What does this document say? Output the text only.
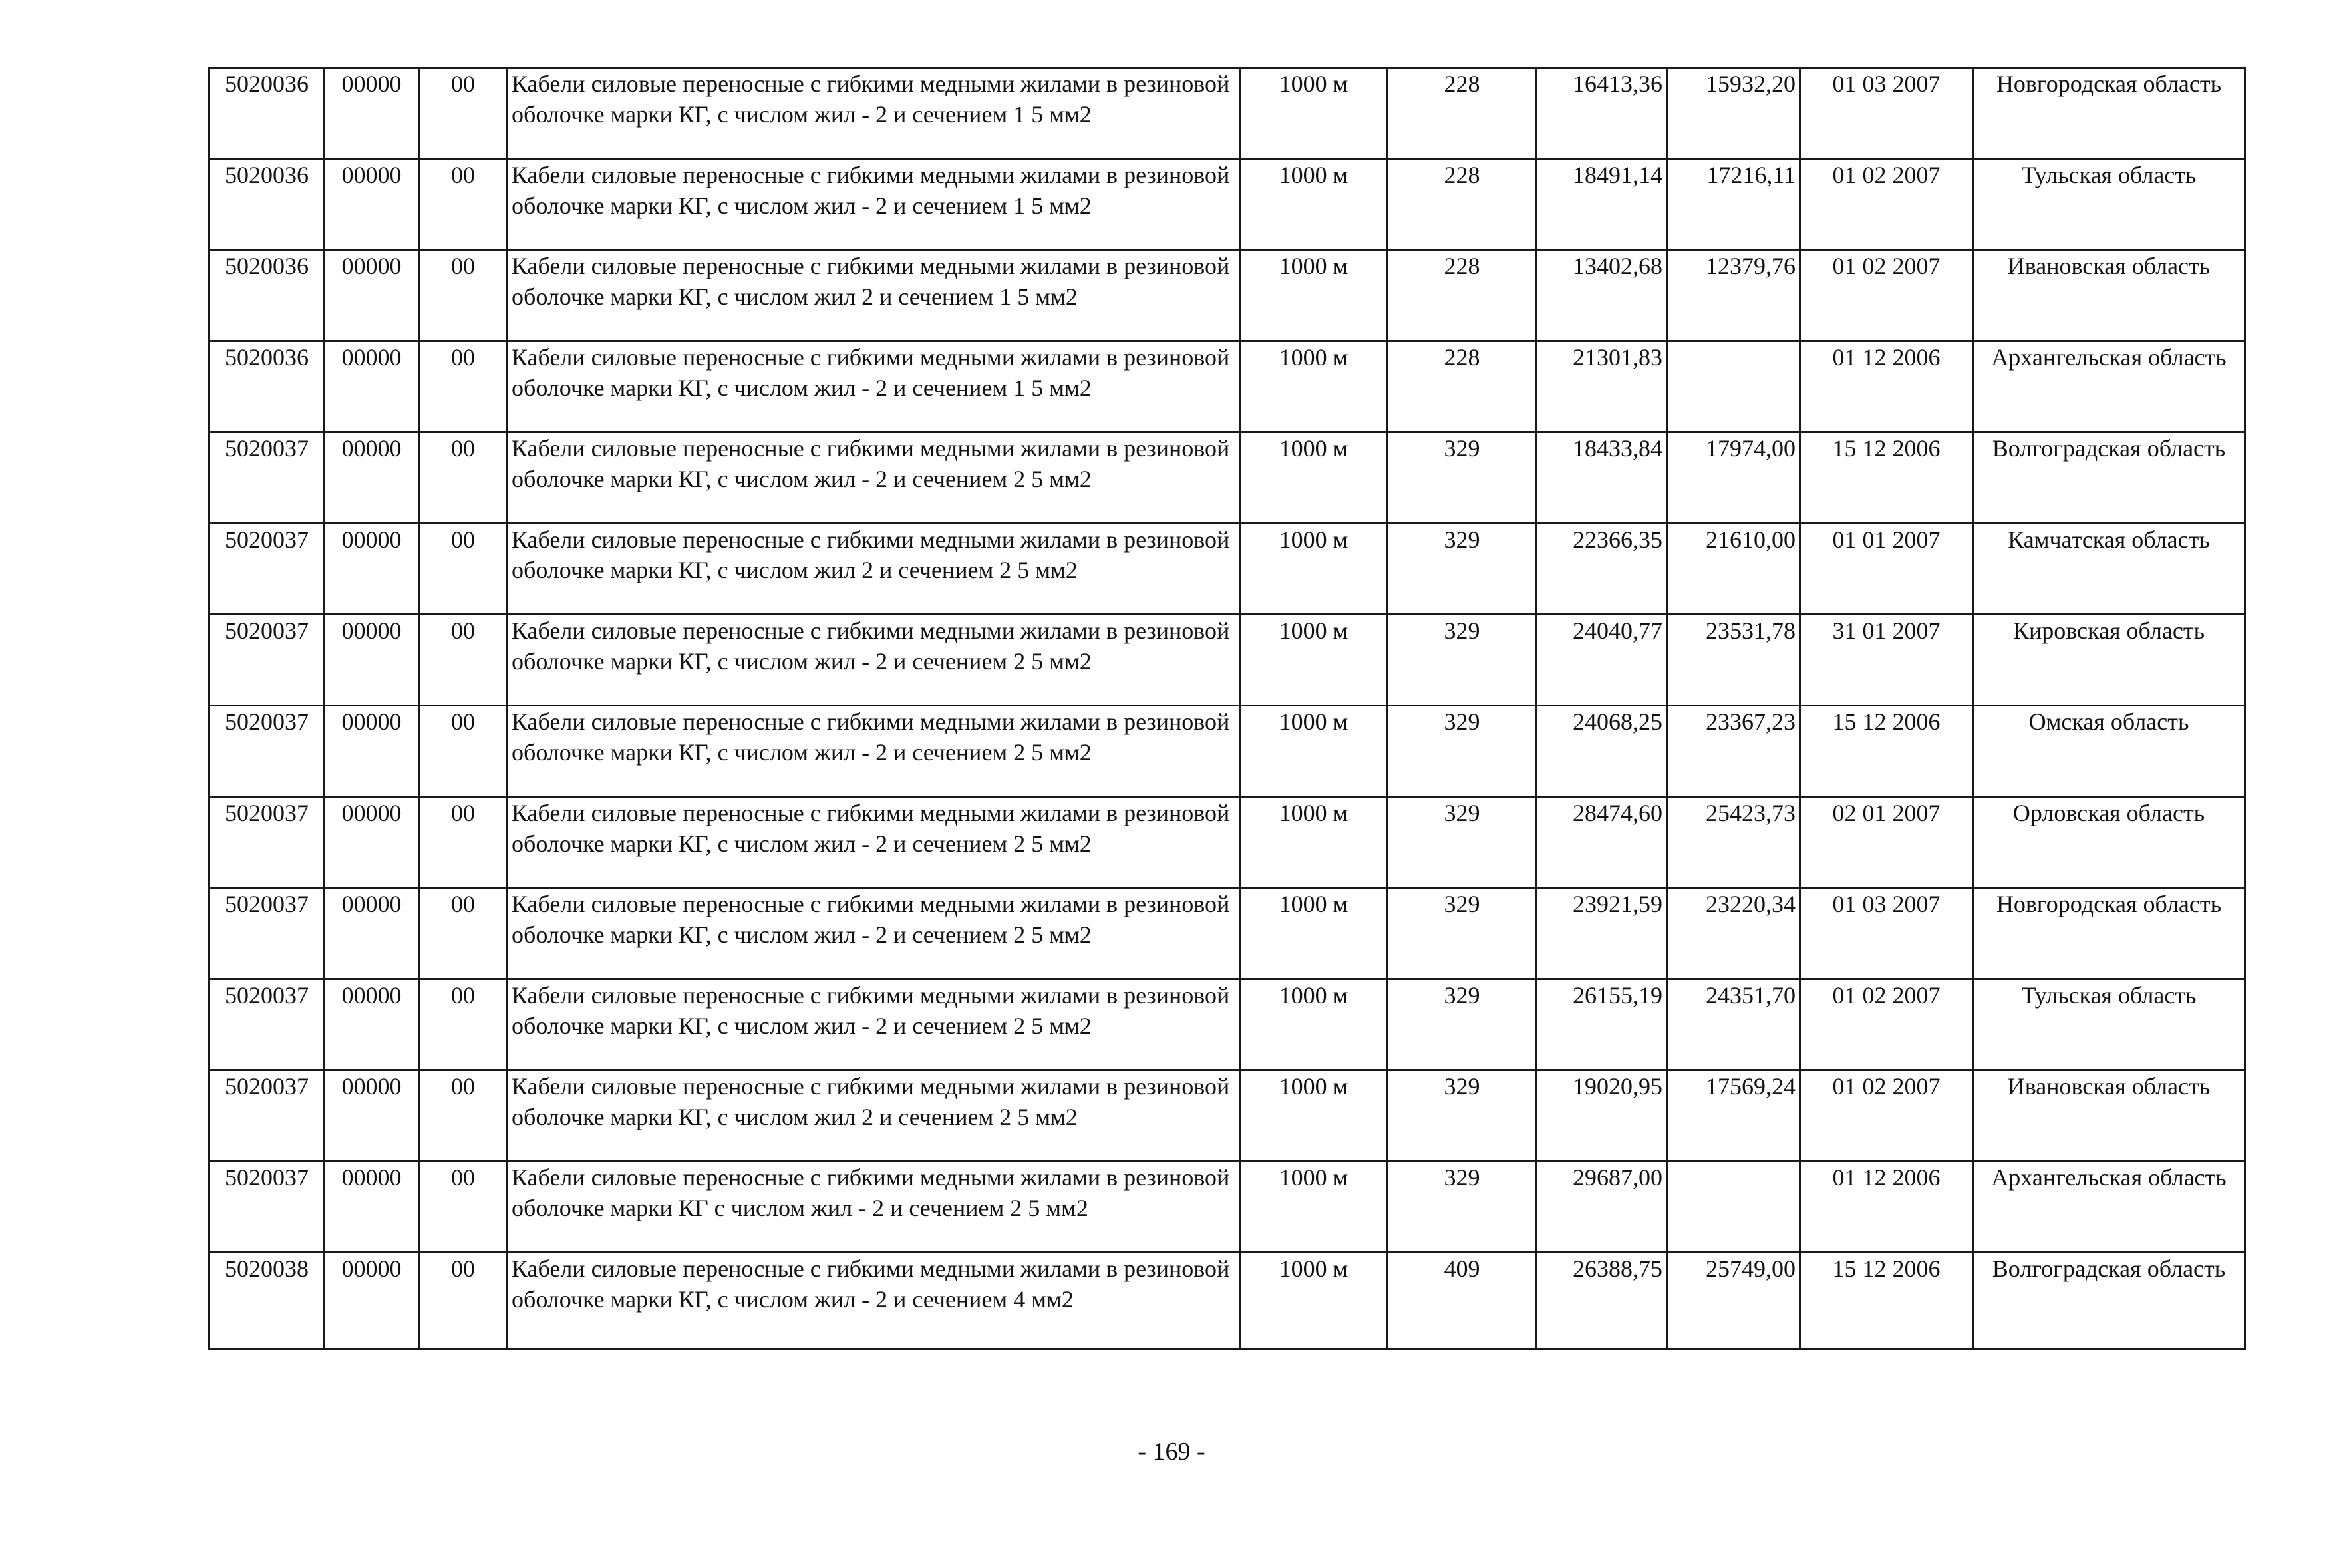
5020036	00000	00	Кабели силовые переносные с гибкими медными жилами в резиновой оболочке марки КГ, с числом жил - 2 и сечением 1 5 мм2	1000 м	228	16413,36	15932,20	01 03 2007	Новгородская область
5020036	00000	00	Кабели силовые переносные с гибкими медными жилами в резиновой оболочке марки КГ, с числом жил - 2 и сечением 1 5 мм2	1000 м	228	18491,14	17216,11	01 02 2007	Тульская область
5020036	00000	00	Кабели силовые переносные с гибкими медными жилами в резиновой оболочке марки КГ, с числом жил 2 и сечением 1 5 мм2	1000 м	228	13402,68	12379,76	01 02 2007	Ивановская область
5020036	00000	00	Кабели силовые переносные с гибкими медными жилами в резиновой оболочке марки КГ, с числом жил - 2 и сечением 1 5 мм2	1000 м	228	21301,83		01 12 2006	Архангельская область
5020037	00000	00	Кабели силовые переносные с гибкими медными жилами в резиновой оболочке марки КГ, с числом жил - 2 и сечением 2 5 мм2	1000 м	329	18433,84	17974,00	15 12 2006	Волгоградская область
5020037	00000	00	Кабели силовые переносные с гибкими медными жилами в резиновой оболочке марки КГ, с числом жил 2 и сечением 2 5 мм2	1000 м	329	22366,35	21610,00	01 01 2007	Камчатская область
5020037	00000	00	Кабели силовые переносные с гибкими медными жилами в резиновой оболочке марки КГ, с числом жил - 2 и сечением 2 5 мм2	1000 м	329	24040,77	23531,78	31 01 2007	Кировская область
5020037	00000	00	Кабели силовые переносные с гибкими медными жилами в резиновой оболочке марки КГ, с числом жил - 2 и сечением 2 5 мм2	1000 м	329	24068,25	23367,23	15 12 2006	Омская область
5020037	00000	00	Кабели силовые переносные с гибкими медными жилами в резиновой оболочке марки КГ, с числом жил - 2 и сечением 2 5 мм2	1000 м	329	28474,60	25423,73	02 01 2007	Орловская область
5020037	00000	00	Кабели силовые переносные с гибкими медными жилами в резиновой оболочке марки КГ, с числом жил - 2 и сечением 2 5 мм2	1000 м	329	23921,59	23220,34	01 03 2007	Новгородская область
5020037	00000	00	Кабели силовые переносные с гибкими медными жилами в резиновой оболочке марки КГ, с числом жил - 2 и сечением 2 5 мм2	1000 м	329	26155,19	24351,70	01 02 2007	Тульская область
5020037	00000	00	Кабели силовые переносные с гибкими медными жилами в резиновой оболочке марки КГ, с числом жил 2 и сечением 2 5 мм2	1000 м	329	19020,95	17569,24	01 02 2007	Ивановская область
5020037	00000	00	Кабели силовые переносные с гибкими медными жилами в резиновой оболочке марки КГ с числом жил - 2 и сечением 2 5 мм2	1000 м	329	29687,00		01 12 2006	Архангельская область
5020038	00000	00	Кабели силовые переносные с гибкими медными жилами в резиновой оболочке марки КГ, с числом жил - 2 и сечением 4 мм2	1000 м	409	26388,75	25749,00	15 12 2006	Волгоградская область
- 169 -
